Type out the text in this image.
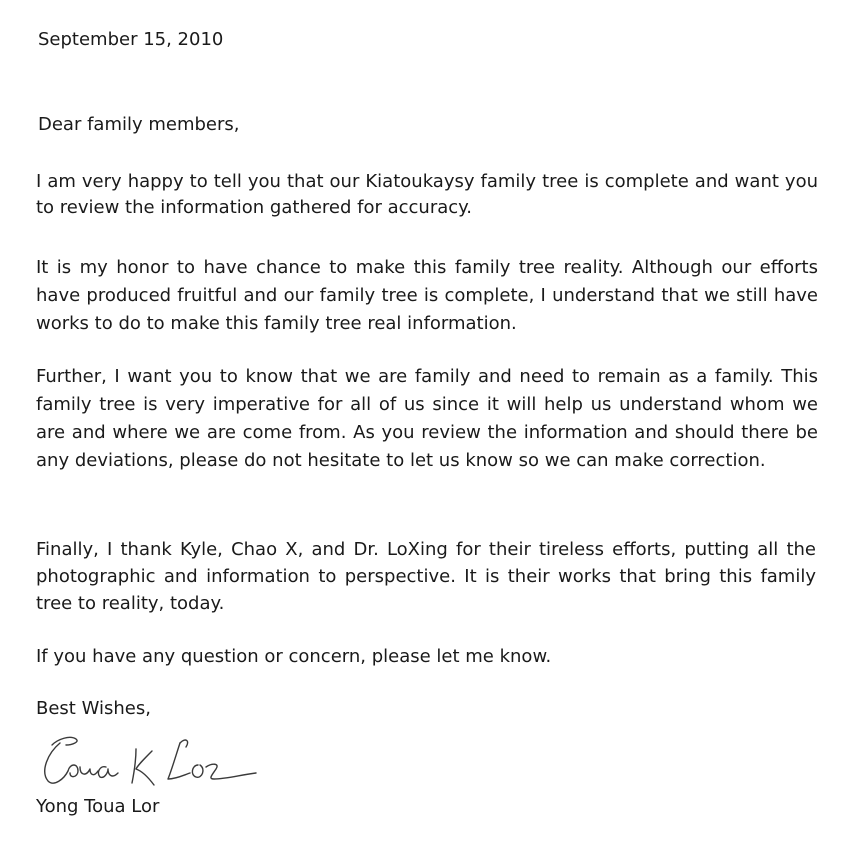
September 15, 2010
Dear family members,
I am very happy to tell you that our Kiatoukaysy family tree is complete and want you to review the information gathered for accuracy.
It is my honor to have chance to make this family tree reality. Although our efforts have produced fruitful and our family tree is complete, I understand that we still have works to do to make this family tree real information.
Further, I want you to know that we are family and need to remain as a family. This family tree is very imperative for all of us since it will help us understand whom we are and where we are come from. As you review the information and should there be any deviations, please do not hesitate to let us know so we can make correction.
Finally, I thank Kyle, Chao X, and Dr. LoXing for their tireless efforts, putting all the photographic and information to perspective. It is their works that bring this family tree to reality, today.
If you have any question or concern, please let me know.
Best Wishes,
Yong Toua Lor
